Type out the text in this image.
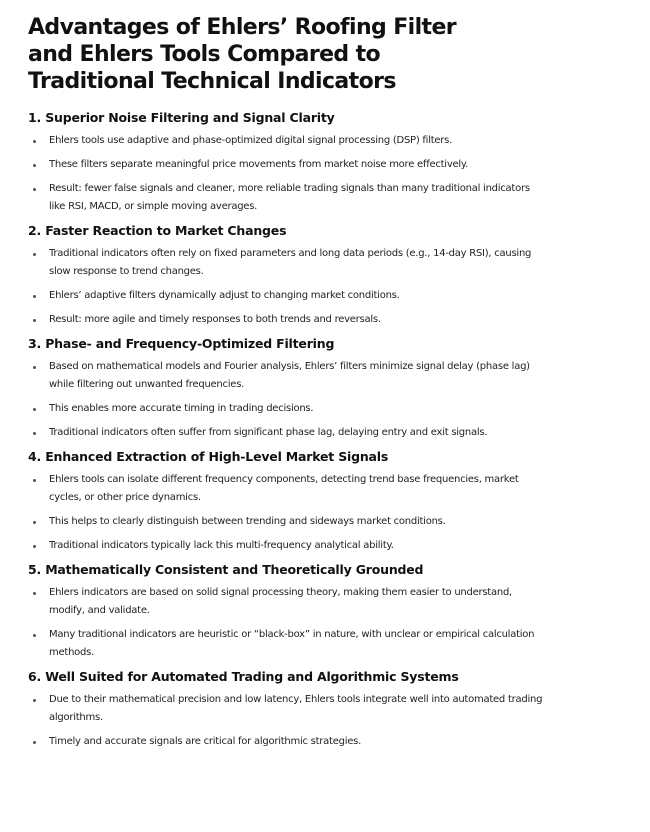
Advantages of Ehlers’ Roofing Filter and Ehlers Tools Compared to Traditional Technical Indicators
1. Superior Noise Filtering and Signal Clarity
Ehlers tools use adaptive and phase-optimized digital signal processing (DSP) filters.
These filters separate meaningful price movements from market noise more effectively.
Result: fewer false signals and cleaner, more reliable trading signals than many traditional indicators like RSI, MACD, or simple moving averages.
2. Faster Reaction to Market Changes
Traditional indicators often rely on fixed parameters and long data periods (e.g., 14-day RSI), causing slow response to trend changes.
Ehlers’ adaptive filters dynamically adjust to changing market conditions.
Result: more agile and timely responses to both trends and reversals.
3. Phase- and Frequency-Optimized Filtering
Based on mathematical models and Fourier analysis, Ehlers’ filters minimize signal delay (phase lag) while filtering out unwanted frequencies.
This enables more accurate timing in trading decisions.
Traditional indicators often suffer from significant phase lag, delaying entry and exit signals.
4. Enhanced Extraction of High-Level Market Signals
Ehlers tools can isolate different frequency components, detecting trend base frequencies, market cycles, or other price dynamics.
This helps to clearly distinguish between trending and sideways market conditions.
Traditional indicators typically lack this multi-frequency analytical ability.
5. Mathematically Consistent and Theoretically Grounded
Ehlers indicators are based on solid signal processing theory, making them easier to understand, modify, and validate.
Many traditional indicators are heuristic or “black-box” in nature, with unclear or empirical calculation methods.
6. Well Suited for Automated Trading and Algorithmic Systems
Due to their mathematical precision and low latency, Ehlers tools integrate well into automated trading algorithms.
Timely and accurate signals are critical for algorithmic strategies.
